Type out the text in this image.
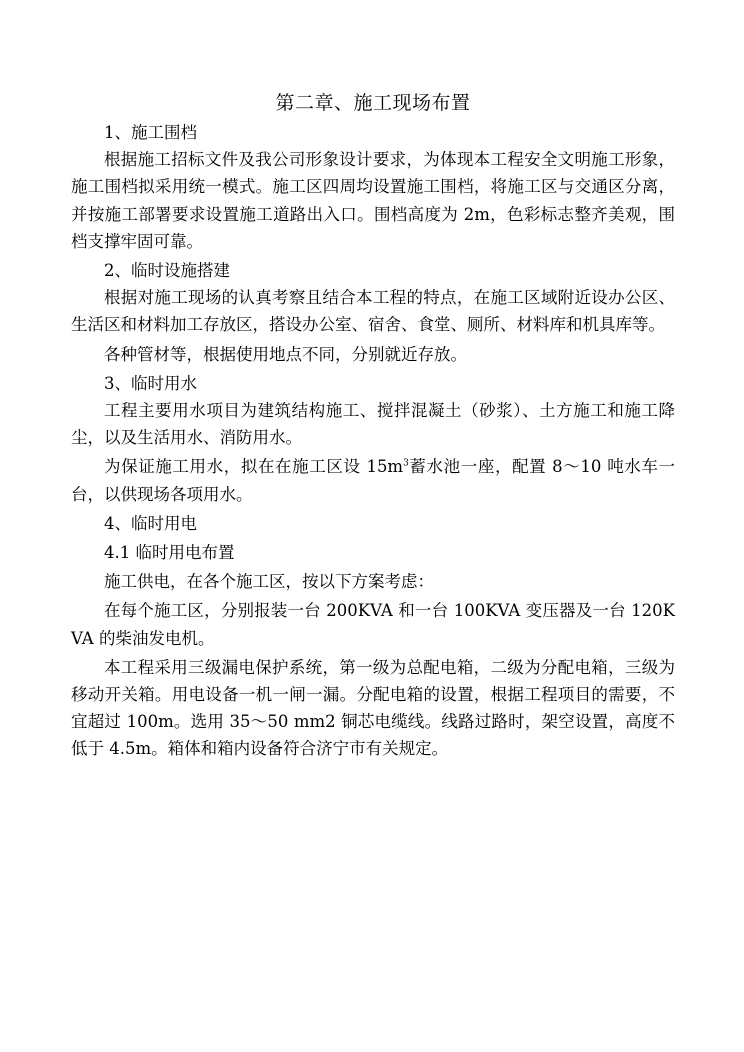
第二章、施工现场布置

1、施工围档

根据施工招标文件及我公司形象设计要求，为体现本工程安全文明施工形象，施工围档拟采用统一模式。施工区四周均设置施工围档，将施工区与交通区分离，并按施工部署要求设置施工道路出入口。围档高度为 2m，色彩标志整齐美观，围档支撑牢固可靠。

2、临时设施搭建

根据对施工现场的认真考察且结合本工程的特点，在施工区域附近设办公区、生活区和材料加工存放区，搭设办公室、宿舍、食堂、厕所、材料库和机具库等。

各种管材等，根据使用地点不同，分别就近存放。

3、临时用水

工程主要用水项目为建筑结构施工、搅拌混凝土（砂浆）、土方施工和施工降尘，以及生活用水、消防用水。

为保证施工用水，拟在在施工区设 $15m^3$蓄水池一座，配置 8～10 吨水车一台，以供现场各项用水。

4、临时用电

4.1 临时用电布置

施工供电，在各个施工区，按以下方案考虑：

在每个施工区，分别报装一台 200KVA 和一台 100KVA 变压器及一台 120KVA 的柴油发电机。

本工程采用三级漏电保护系统，第一级为总配电箱，二级为分配电箱，三级为移动开关箱。用电设备一机一闸一漏。分配电箱的设置，根据工程项目的需要，不宜超过 100m。选用 35～50 mm2 铜芯电缆线。线路过路时，架空设置，高度不低于 4.5m。箱体和箱内设备符合济宁市有关规定。
